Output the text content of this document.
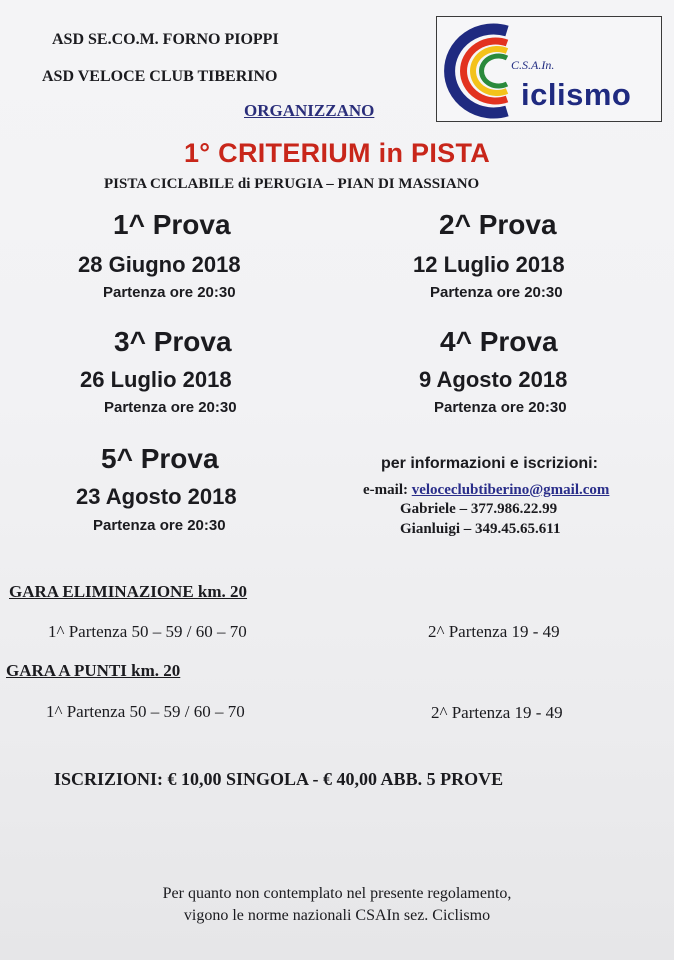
ASD SE.CO.M. FORNO PIOPPI
ASD VELOCE CLUB TIBERINO
ORGANIZZANO
C.S.A.In.
iclismo
1° CRITERIUM in PISTA
PISTA CICLABILE di PERUGIA – PIAN DI MASSIANO
1^ Prova
28 Giugno 2018
Partenza ore 20:30
2^ Prova
12 Luglio 2018
Partenza ore 20:30
3^ Prova
26 Luglio 2018
Partenza ore 20:30
4^ Prova
9 Agosto 2018
Partenza ore 20:30
5^ Prova
23 Agosto 2018
Partenza ore 20:30
per informazioni e iscrizioni:
e-mail: veloceclubtiberino@gmail.com
Gabriele – 377.986.22.99
Gianluigi – 349.45.65.611
GARA ELIMINAZIONE km. 20
1^ Partenza 50 – 59 / 60 – 70	2^ Partenza 19 - 49
GARA A PUNTI km. 20
1^ Partenza 50 – 59 / 60 – 70	2^ Partenza 19 - 49
ISCRIZIONI: € 10,00 SINGOLA - € 40,00 ABB. 5 PROVE
Per quanto non contemplato nel presente regolamento,
vigono le norme nazionali CSAIn sez. Ciclismo
